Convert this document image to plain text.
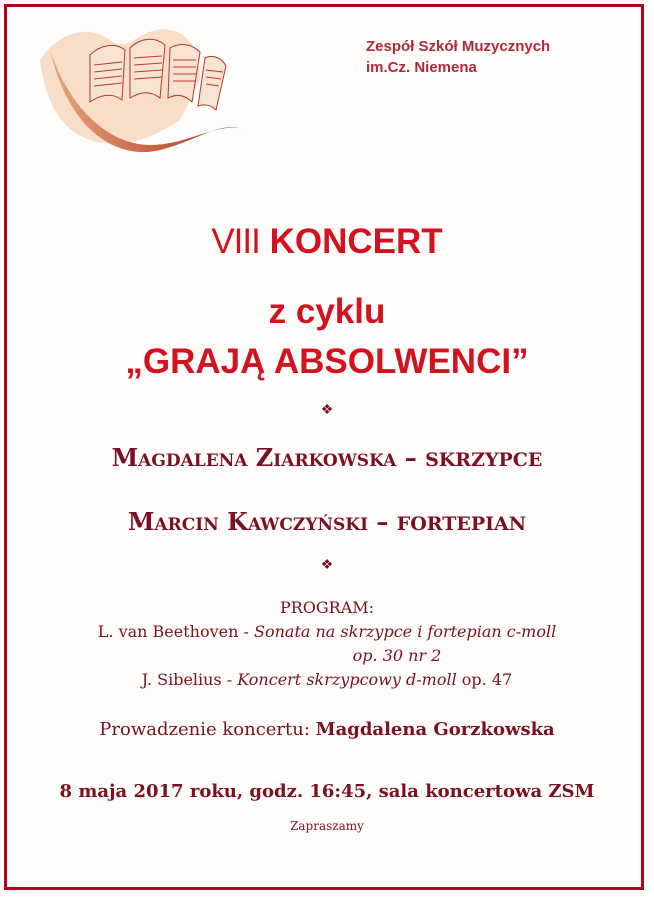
Zespół Szkół Muzycznych
im.Cz. Niemena
VIII KONCERT
z cyklu
„GRAJĄ ABSOLWENCI”
❖
Magdalena Ziarkowska – SKRZYPCE
Marcin Kawczyński – FORTEPIAN
❖
PROGRAM:
L. van Beethoven - Sonata na skrzypce i fortepian c-moll
op. 30 nr 2
J. Sibelius - Koncert skrzypcowy d-moll op. 47
Prowadzenie koncertu: Magdalena Gorzkowska
8 maja 2017 roku, godz. 16:45, sala koncertowa ZSM
Zapraszamy
